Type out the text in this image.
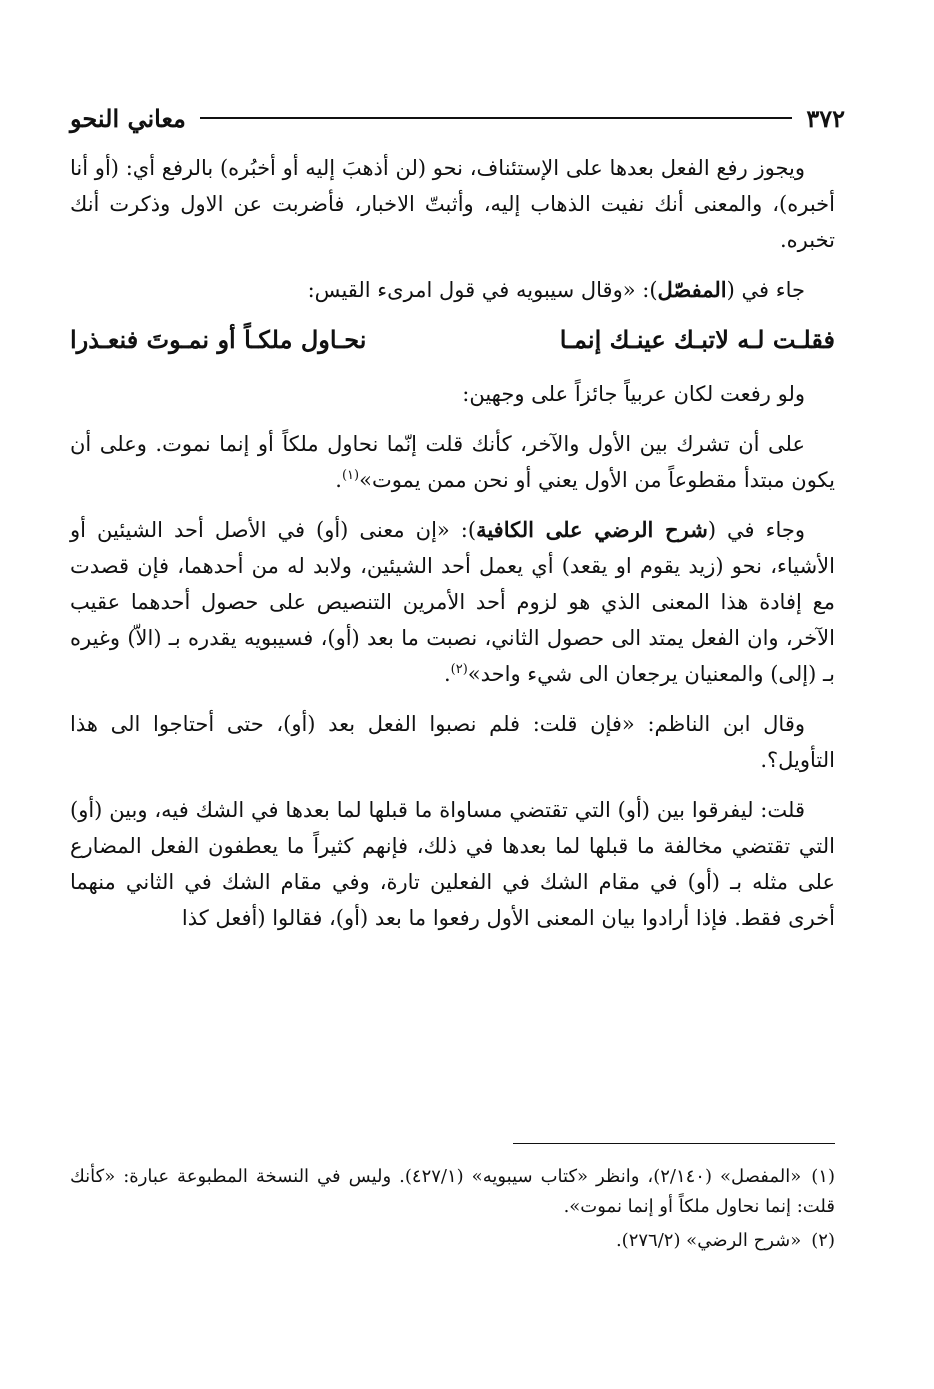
٣٧٢
معاني النحو

ويجوز رفع الفعل بعدها على الإستئناف، نحو (لن أذهبَ إليه أو أخبُره) بالرفع أي: (أو أنا أخبره)، والمعنى أنك نفيت الذهاب إليه، وأثبتّ الاخبار، فأضربت عن الاول وذكرت أنك تخبره.

جاء في (المفصّل): «وقال سيبويه في قول امرىء القيس:

فقلـت لـه لاتبـك عينـك إنمـا
نحـاول ملكـاً أو نمـوتَ فنعـذرا

ولو رفعت لكان عربياً جائزاً على وجهين:

على أن تشرك بين الأول والآخر، كأنك قلت إنّما نحاول ملكاً أو إنما نموت. وعلى أن يكون مبتدأ مقطوعاً من الأول يعني أو نحن ممن يموت»$^{(١)}$.

وجاء في (شرح الرضي على الكافية): «إن معنى (أو) في الأصل أحد الشيئين أو الأشياء، نحو (زيد يقوم او يقعد) أي يعمل أحد الشيئين، ولابد له من أحدهما، فإن قصدت مع إفادة هذا المعنى الذي هو لزوم أحد الأمرين التنصيص على حصول أحدهما عقيب الآخر، وان الفعل يمتد الى حصول الثاني، نصبت ما بعد (أو)، فسيبويه يقدره بـ (الاّ) وغيره بـ (إلى) والمعنيان يرجعان الى شيء واحد»$^{(٢)}$.

وقال ابن الناظم: «فإن قلت: فلم نصبوا الفعل بعد (أو)، حتى أحتاجوا الى هذا التأويل؟.

قلت: ليفرقوا بين (أو) التي تقتضي مساواة ما قبلها لما بعدها في الشك فيه، وبين (أو) التي تقتضي مخالفة ما قبلها لما بعدها في ذلك، فإنهم كثيراً ما يعطفون الفعل المضارع على مثله بـ (أو) في مقام الشك في الفعلين تارة، وفي مقام الشك في الثاني منهما أخرى فقط. فإذا أرادوا بيان المعنى الأول رفعوا ما بعد (أو)، فقالوا (أفعل كذا

(١)«المفصل» (٢/١٤٠)، وانظر «كتاب سيبويه» (٤٢٧/١). وليس في النسخة المطبوعة عبارة: «كأنك قلت: إنما نحاول ملكاً أو إنما نموت».

(٢)«شرح الرضي» (٢٧٦/٢).
